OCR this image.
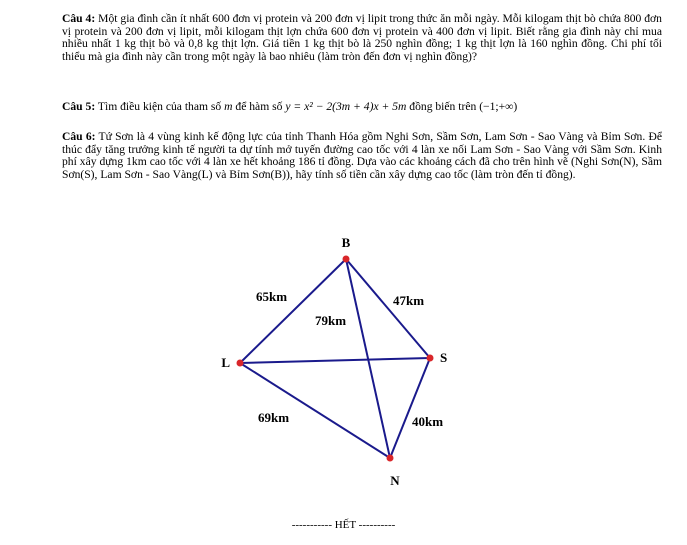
Câu 4: Một gia đình cần ít nhất 600 đơn vị protein và 200 đơn vị lipit trong thức ăn mỗi ngày. Mỗi kilogam thịt bò chứa 800 đơn vị protein và 200 đơn vị lipit, mỗi kilogam thịt lợn chứa 600 đơn vị protein và 400 đơn vị lipit. Biết rằng gia đình này chỉ mua nhiều nhất 1 kg thịt bò và 0,8 kg thịt lợn. Giá tiền 1 kg thịt bò là 250 nghìn đồng; 1 kg thịt lợn là 160 nghìn đồng. Chi phí tối thiểu mà gia đình này cần trong một ngày là bao nhiêu (làm tròn đến đơn vị nghìn đồng)?
Câu 5: Tìm điều kiện của tham số m để hàm số y = x² − 2(3m + 4)x + 5m đồng biến trên (−1;+∞)
Câu 6: Tứ Sơn là 4 vùng kinh kế động lực của tỉnh Thanh Hóa gồm Nghi Sơn, Sầm Sơn, Lam Sơn - Sao Vàng và Bỉm Sơn. Để thúc đẩy tăng trưởng kinh tế người ta dự tính mở tuyến đường cao tốc với 4 làn xe nối Lam Sơn - Sao Vàng với Sầm Sơn. Kinh phí xây dựng 1km cao tốc với 4 làn xe hết khoảng 186 tỉ đồng. Dựa vào các khoảng cách đã cho trên hình vẽ (Nghi Sơn(N), Sầm Sơn(S), Lam Sơn - Sao Vàng(L) và Bỉm Sơn(B)), hãy tính số tiền cần xây dựng cao tốc (làm tròn đến tỉ đồng).
B
L	S
N
65km	47km
79km
69km	40km
----------- HẾT ----------
